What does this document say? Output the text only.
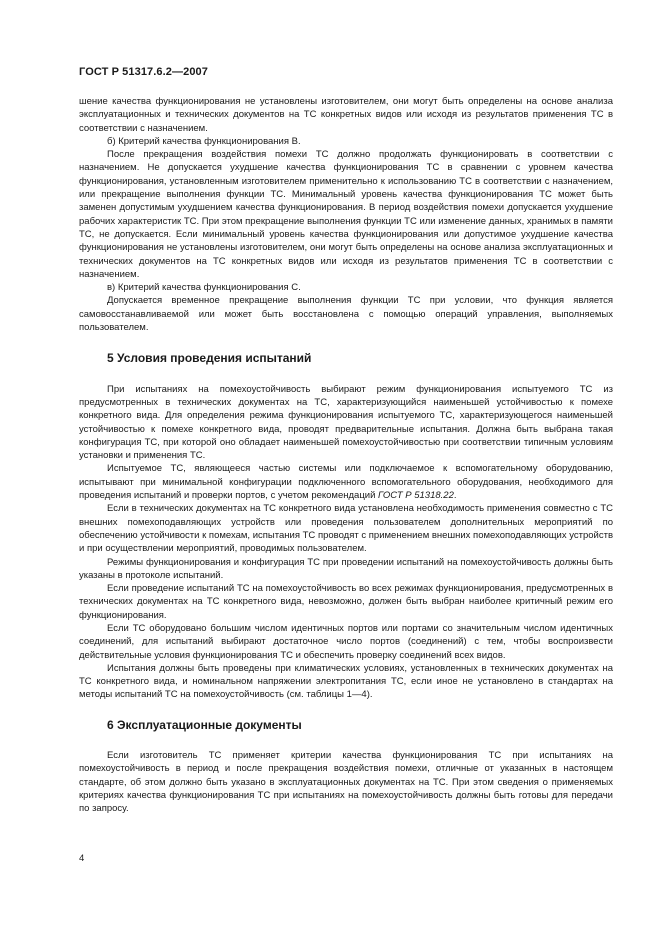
ГОСТ Р 51317.6.2—2007

шение качества функционирования не установлены изготовителем, они могут быть определены на основе анализа эксплуатационных и технических документов на ТС конкретных видов или исходя из результатов применения ТС в соответствии с назначением.

б) Критерий качества функционирования В.

После прекращения воздействия помехи ТС должно продолжать функционировать в соответствии с назначением. Не допускается ухудшение качества функционирования ТС в сравнении с уровнем качества функционирования, установленным изготовителем применительно к использованию ТС в соответствии с назначением, или прекращение выполнения функции ТС. Минимальный уровень качества функционирования ТС может быть заменен допустимым ухудшением качества функционирования. В период воздействия помехи допускается ухудшение рабочих характеристик ТС. При этом прекращение выполнения функции ТС или изменение данных, хранимых в памяти ТС, не допускается. Если минимальный уровень качества функционирования или допустимое ухудшение качества функционирования не установлены изготовителем, они могут быть определены на основе анализа эксплуатационных и технических документов на ТС конкретных видов или исходя из результатов применения ТС в соответствии с назначением.

в) Критерий качества функционирования С.

Допускается временное прекращение выполнения функции ТС при условии, что функция является самовосстанавливаемой или может быть восстановлена с помощью операций управления, выполняемых пользователем.

5 Условия проведения испытаний

При испытаниях на помехоустойчивость выбирают режим функционирования испытуемого ТС из предусмотренных в технических документах на ТС, характеризующийся наименьшей устойчивостью к помехе конкретного вида. Для определения режима функционирования испытуемого ТС, характеризующегося наименьшей устойчивостью к помехе конкретного вида, проводят предварительные испытания. Должна быть выбрана такая конфигурация ТС, при которой оно обладает наименьшей помехоустойчивостью при соответствии типичным условиям установки и применения ТС.

Испытуемое ТС, являющееся частью системы или подключаемое к вспомогательному оборудованию, испытывают при минимальной конфигурации подключенного вспомогательного оборудования, необходимого для проведения испытаний и проверки портов, с учетом рекомендаций ГОСТ Р 51318.22.

Если в технических документах на ТС конкретного вида установлена необходимость применения совместно с ТС внешних помехоподавляющих устройств или проведения пользователем дополнительных мероприятий по обеспечению устойчивости к помехам, испытания ТС проводят с применением внешних помехоподавляющих устройств и при осуществлении мероприятий, проводимых пользователем.

Режимы функционирования и конфигурация ТС при проведении испытаний на помехоустойчивость должны быть указаны в протоколе испытаний.

Если проведение испытаний ТС на помехоустойчивость во всех режимах функционирования, предусмотренных в технических документах на ТС конкретного вида, невозможно, должен быть выбран наиболее критичный режим его функционирования.

Если ТС оборудовано большим числом идентичных портов или портами со значительным числом идентичных соединений, для испытаний выбирают достаточное число портов (соединений) с тем, чтобы воспроизвести действительные условия функционирования ТС и обеспечить проверку соединений всех видов.

Испытания должны быть проведены при климатических условиях, установленных в технических документах на ТС конкретного вида, и номинальном напряжении электропитания ТС, если иное не установлено в стандартах на методы испытаний ТС на помехоустойчивость (см. таблицы 1—4).

6 Эксплуатационные документы

Если изготовитель ТС применяет критерии качества функционирования ТС при испытаниях на помехоустойчивость в период и после прекращения воздействия помехи, отличные от указанных в настоящем стандарте, об этом должно быть указано в эксплуатационных документах на ТС. При этом сведения о применяемых критериях качества функционирования ТС при испытаниях на помехоустойчивость должны быть готовы для передачи по запросу.

4
